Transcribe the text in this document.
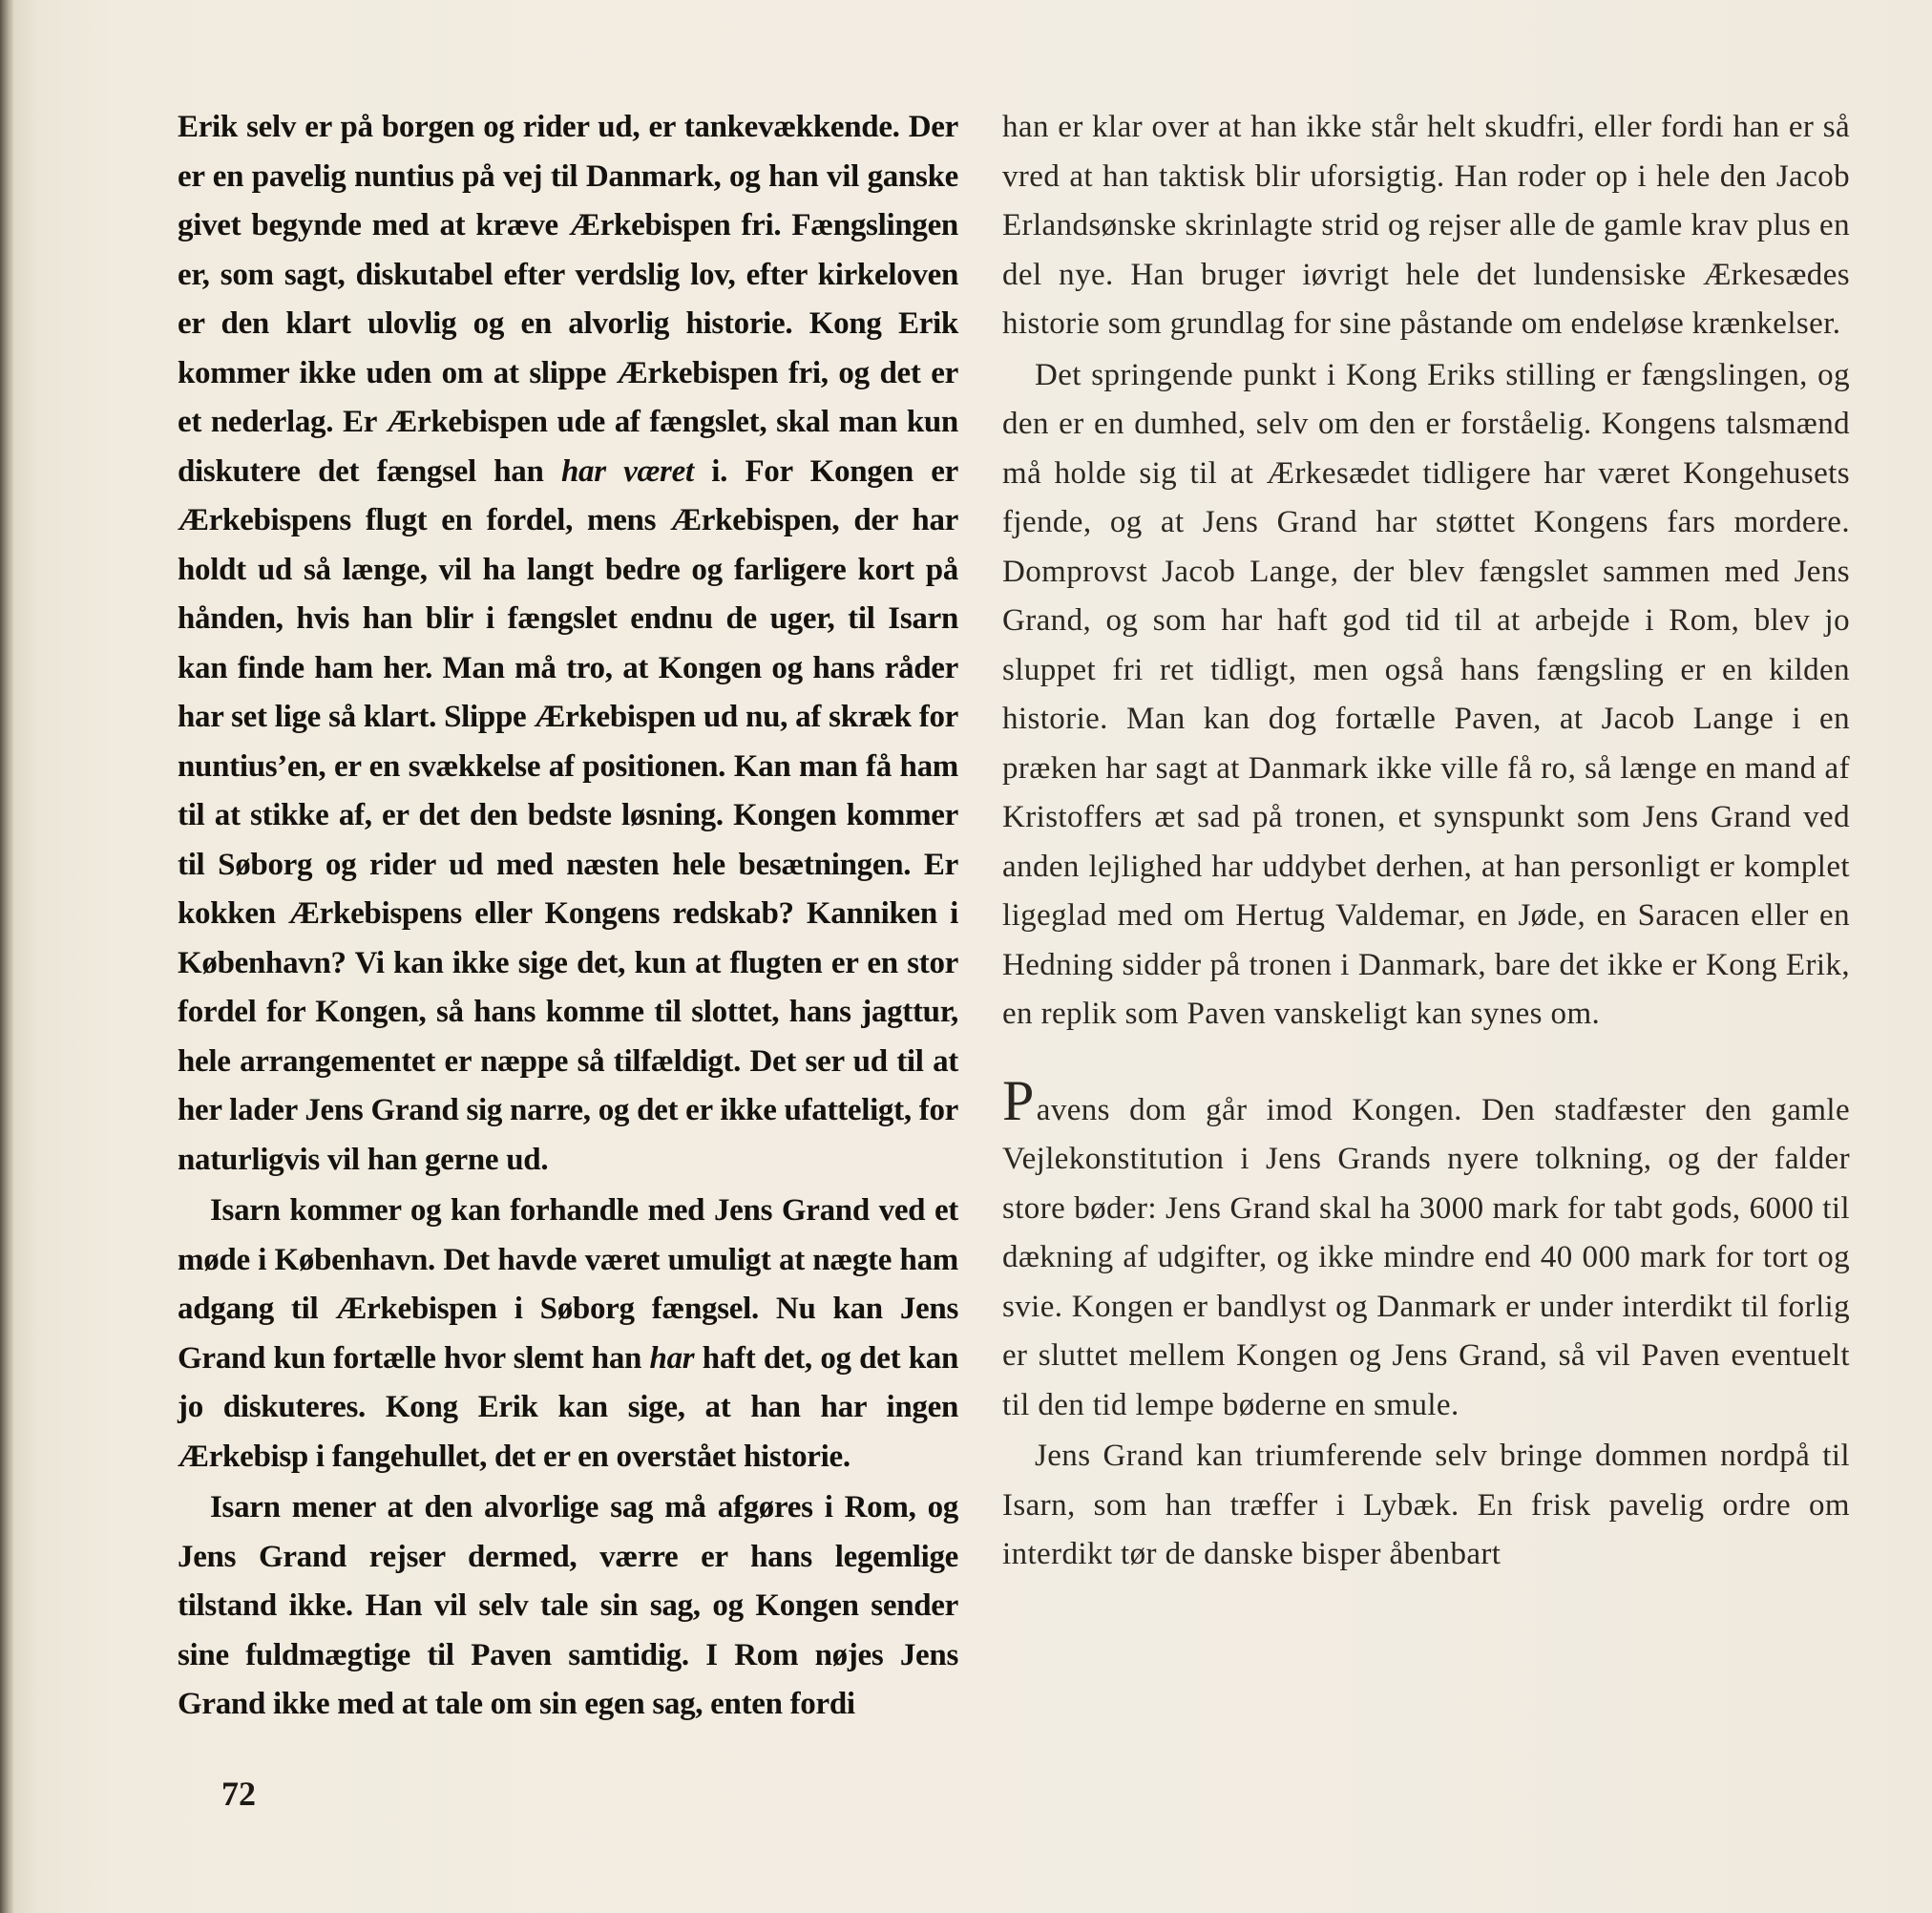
Erik selv er på borgen og rider ud, er tankevækkende. Der er en pavelig nuntius på vej til Danmark, og han vil ganske givet begynde med at kræve Ærkebispen fri. Fængslingen er, som sagt, diskutabel efter verdslig lov, efter kirkeloven er den klart ulovlig og en alvorlig historie. Kong Erik kommer ikke uden om at slippe Ærkebispen fri, og det er et nederlag. Er Ærkebispen ude af fængslet, skal man kun diskutere det fængsel han har været i. For Kongen er Ærkebispens flugt en fordel, mens Ærkebispen, der har holdt ud så længe, vil ha langt bedre og farligere kort på hånden, hvis han blir i fængslet endnu de uger, til Isarn kan finde ham her. Man må tro, at Kongen og hans råder har set lige så klart. Slippe Ærkebispen ud nu, af skræk for nuntius’en, er en svækkelse af positionen. Kan man få ham til at stikke af, er det den bedste løsning. Kongen kommer til Søborg og rider ud med næsten hele besætningen. Er kokken Ærkebispens eller Kongens redskab? Kanniken i København? Vi kan ikke sige det, kun at flugten er en stor fordel for Kongen, så hans komme til slottet, hans jagttur, hele arrangementet er næppe så tilfældigt. Det ser ud til at her lader Jens Grand sig narre, og det er ikke ufatteligt, for naturligvis vil han gerne ud.

Isarn kommer og kan forhandle med Jens Grand ved et møde i København. Det havde været umuligt at nægte ham adgang til Ærkebispen i Søborg fængsel. Nu kan Jens Grand kun fortælle hvor slemt han har haft det, og det kan jo diskuteres. Kong Erik kan sige, at han har ingen Ærkebisp i fangehullet, det er en overstået historie.

Isarn mener at den alvorlige sag må afgøres i Rom, og Jens Grand rejser dermed, værre er hans legemlige tilstand ikke. Han vil selv tale sin sag, og Kongen sender sine fuldmægtige til Paven samtidig. I Rom nøjes Jens Grand ikke med at tale om sin egen sag, enten fordi

han er klar over at han ikke står helt skudfri, eller fordi han er så vred at han taktisk blir uforsigtig. Han roder op i hele den Jacob Erlandsønske skrinlagte strid og rejser alle de gamle krav plus en del nye. Han bruger iøvrigt hele det lundensiske Ærkesædes historie som grundlag for sine påstande om endeløse krænkelser.

Det springende punkt i Kong Eriks stilling er fængslingen, og den er en dumhed, selv om den er forståelig. Kongens talsmænd må holde sig til at Ærkesædet tidligere har været Kongehusets fjende, og at Jens Grand har støttet Kongens fars mordere. Domprovst Jacob Lange, der blev fængslet sammen med Jens Grand, og som har haft god tid til at arbejde i Rom, blev jo sluppet fri ret tidligt, men også hans fængsling er en kilden historie. Man kan dog fortælle Paven, at Jacob Lange i en præken har sagt at Danmark ikke ville få ro, så længe en mand af Kristoffers æt sad på tronen, et synspunkt som Jens Grand ved anden lejlighed har uddybet derhen, at han personligt er komplet ligeglad med om Hertug Valdemar, en Jøde, en Saracen eller en Hedning sidder på tronen i Danmark, bare det ikke er Kong Erik, en replik som Paven vanskeligt kan synes om.

Pavens dom går imod Kongen. Den stadfæster den gamle Vejlekonstitution i Jens Grands nyere tolkning, og der falder store bøder: Jens Grand skal ha 3000 mark for tabt gods, 6000 til dækning af udgifter, og ikke mindre end 40 000 mark for tort og svie. Kongen er bandlyst og Danmark er under interdikt til forlig er sluttet mellem Kongen og Jens Grand, så vil Paven eventuelt til den tid lempe bøderne en smule.

Jens Grand kan triumferende selv bringe dommen nordpå til Isarn, som han træffer i Lybæk. En frisk pavelig ordre om interdikt tør de danske bisper åbenbart

72
